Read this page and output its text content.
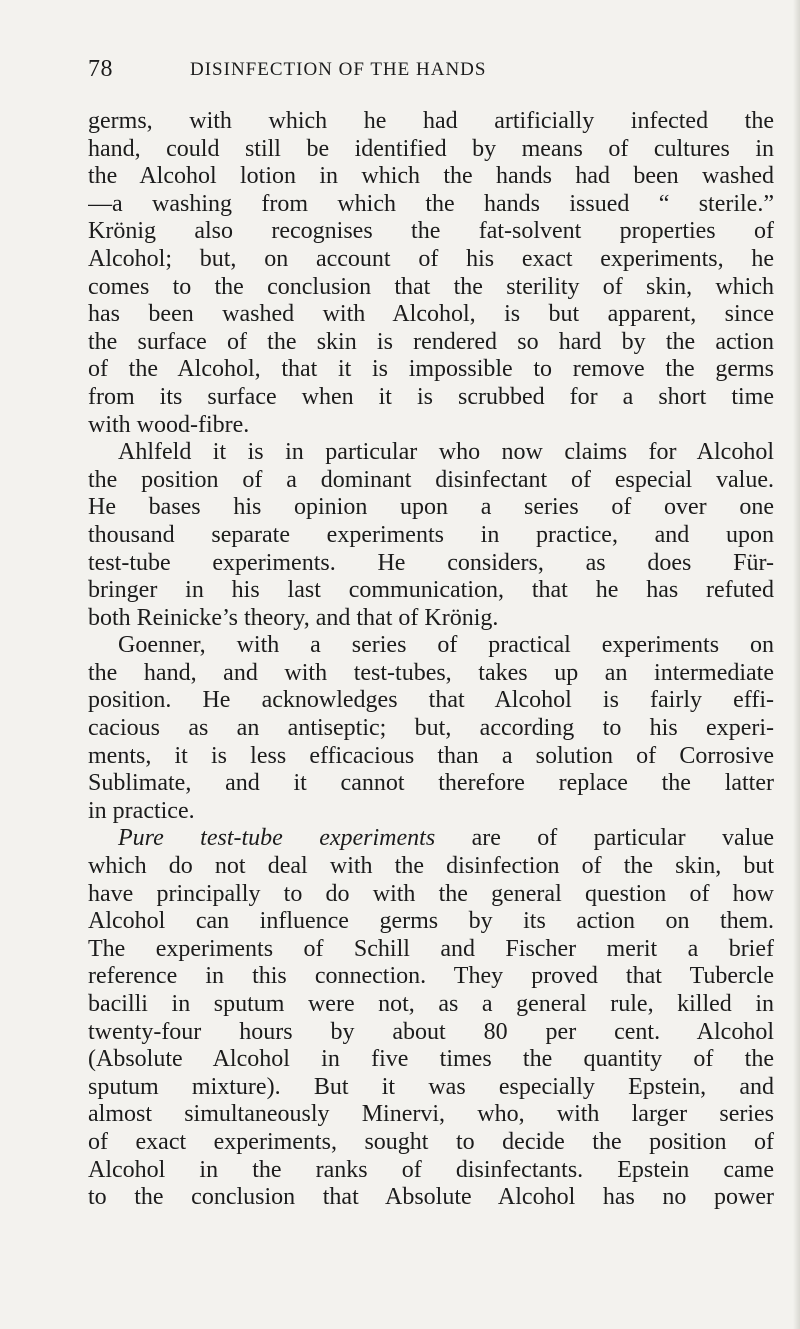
78	DISINFECTION OF THE HANDS
germs, with which he had artificially infected the
hand, could still be identified by means of cultures in
the Alcohol lotion in which the hands had been washed
—a washing from which the hands issued “ sterile.”
Krönig also recognises the fat-solvent properties of
Alcohol; but, on account of his exact experiments, he
comes to the conclusion that the sterility of skin, which
has been washed with Alcohol, is but apparent, since
the surface of the skin is rendered so hard by the action
of the Alcohol, that it is impossible to remove the germs
from its surface when it is scrubbed for a short time
with wood-fibre.
Ahlfeld it is in particular who now claims for Alcohol
the position of a dominant disinfectant of especial value.
He bases his opinion upon a series of over one
thousand separate experiments in practice, and upon
test-tube experiments. He considers, as does Für-
bringer in his last communication, that he has refuted
both Reinicke’s theory, and that of Krönig.
Goenner, with a series of practical experiments on
the hand, and with test-tubes, takes up an intermediate
position. He acknowledges that Alcohol is fairly effi-
cacious as an antiseptic; but, according to his experi-
ments, it is less efficacious than a solution of Corrosive
Sublimate, and it cannot therefore replace the latter
in practice.
Pure test-tube experiments are of particular value
which do not deal with the disinfection of the skin, but
have principally to do with the general question of how
Alcohol can influence germs by its action on them.
The experiments of Schill and Fischer merit a brief
reference in this connection. They proved that Tubercle
bacilli in sputum were not, as a general rule, killed in
twenty-four hours by about 80 per cent. Alcohol
(Absolute Alcohol in five times the quantity of the
sputum mixture). But it was especially Epstein, and
almost simultaneously Minervi, who, with larger series
of exact experiments, sought to decide the position of
Alcohol in the ranks of disinfectants. Epstein came
to the conclusion that Absolute Alcohol has no power
